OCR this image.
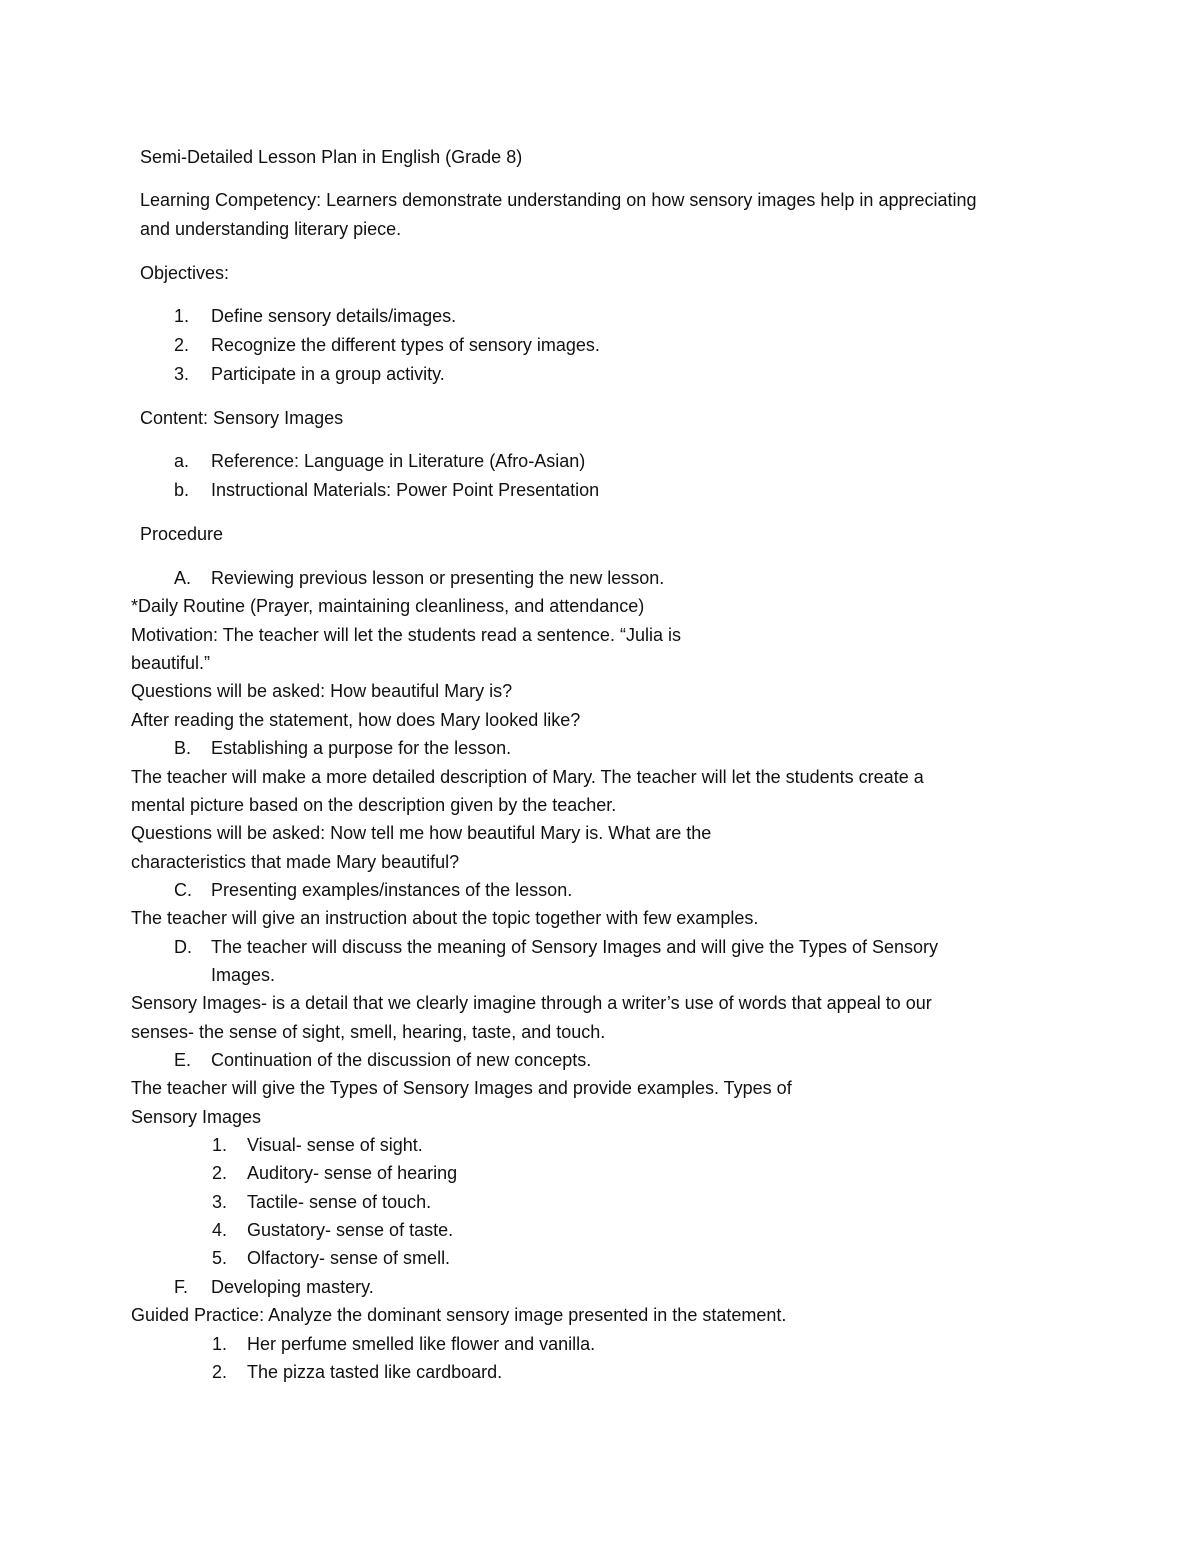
Semi-Detailed Lesson Plan in English (Grade 8)
Learning Competency: Learners demonstrate understanding on how sensory images help in appreciating
and understanding literary piece.
Objectives:
1. Define sensory details/images.
2. Recognize the different types of sensory images.
3. Participate in a group activity.
Content: Sensory Images
a. Reference: Language in Literature (Afro-Asian)
b. Instructional Materials: Power Point Presentation
Procedure
A. Reviewing previous lesson or presenting the new lesson.
*Daily Routine (Prayer, maintaining cleanliness, and attendance)
Motivation: The teacher will let the students read a sentence. “Julia is
beautiful.”
Questions will be asked: How beautiful Mary is?
After reading the statement, how does Mary looked like?
B. Establishing a purpose for the lesson.
The teacher will make a more detailed description of Mary. The teacher will let the students create a
mental picture based on the description given by the teacher.
Questions will be asked: Now tell me how beautiful Mary is. What are the
characteristics that made Mary beautiful?
C. Presenting examples/instances of the lesson.
The teacher will give an instruction about the topic together with few examples.
D. The teacher will discuss the meaning of Sensory Images and will give the Types of Sensory
Images.
Sensory Images- is a detail that we clearly imagine through a writer’s use of words that appeal to our
senses- the sense of sight, smell, hearing, taste, and touch.
E. Continuation of the discussion of new concepts.
The teacher will give the Types of Sensory Images and provide examples. Types of
Sensory Images
1. Visual- sense of sight.
2. Auditory- sense of hearing
3. Tactile- sense of touch.
4. Gustatory- sense of taste.
5. Olfactory- sense of smell.
F. Developing mastery.
Guided Practice: Analyze the dominant sensory image presented in the statement.
1. Her perfume smelled like flower and vanilla.
2. The pizza tasted like cardboard.
